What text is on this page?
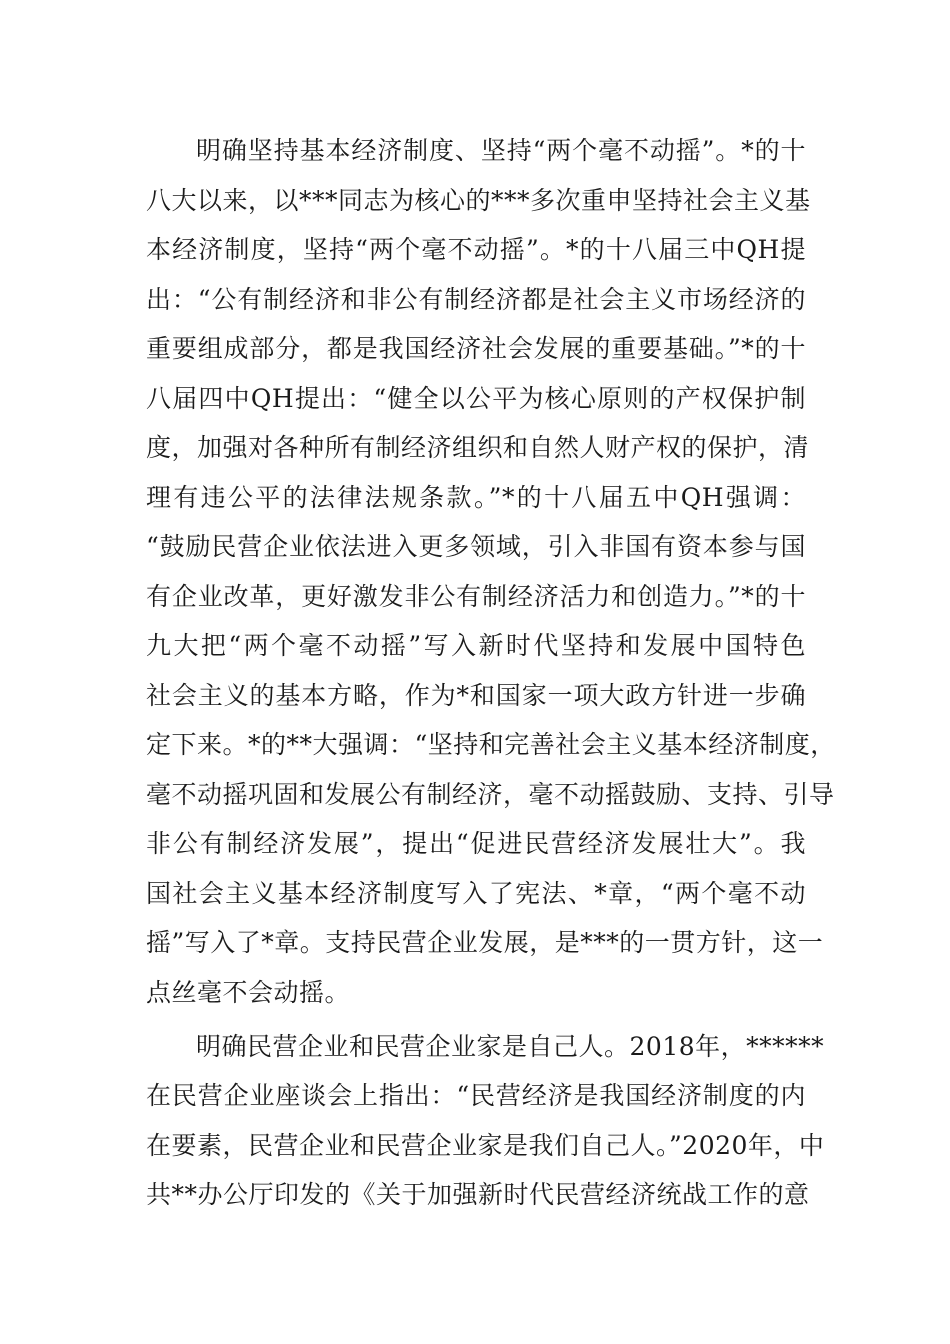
明确坚持基本经济制度、坚持“两个毫不动摇”。*的十
八大以来，以***同志为核心的***多次重申坚持社会主义基
本经济制度，坚持“两个毫不动摇”。*的十八届三中QH提
出：“公有制经济和非公有制经济都是社会主义市场经济的
重要组成部分，都是我国经济社会发展的重要基础。”*的十
八届四中QH提出：“健全以公平为核心原则的产权保护制
度，加强对各种所有制经济组织和自然人财产权的保护，清
理有违公平的法律法规条款。”*的十八届五中QH强调：
“鼓励民营企业依法进入更多领域，引入非国有资本参与国
有企业改革，更好激发非公有制经济活力和创造力。”*的十
九大把“两个毫不动摇”写入新时代坚持和发展中国特色
社会主义的基本方略，作为*和国家一项大政方针进一步确
定下来。*的**大强调：“坚持和完善社会主义基本经济制度，
毫不动摇巩固和发展公有制经济，毫不动摇鼓励、支持、引导
非公有制经济发展”，提出“促进民营经济发展壮大”。我
国社会主义基本经济制度写入了宪法、*章，“两个毫不动
摇”写入了*章。支持民营企业发展，是***的一贯方针，这一
点丝毫不会动摇。
明确民营企业和民营企业家是自己人。2018年，******
在民营企业座谈会上指出：“民营经济是我国经济制度的内
在要素，民营企业和民营企业家是我们自己人。”2020年，中
共**办公厅印发的《关于加强新时代民营经济统战工作的意
